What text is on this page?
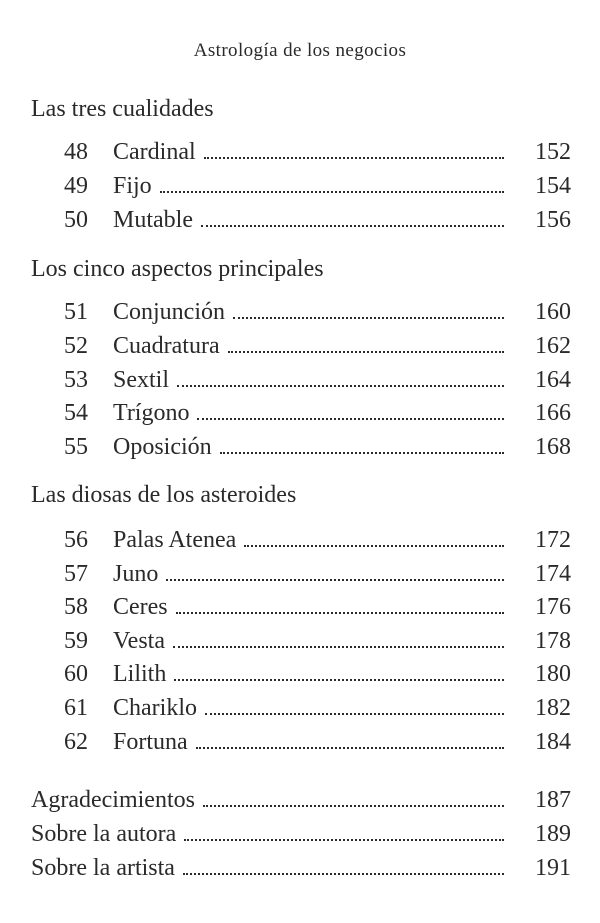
Astrología de los negocios
Las tres cualidades
48 Cardinal	152
49 Fijo	154
50 Mutable	156
Los cinco aspectos principales
51 Conjunción	160
52 Cuadratura	162
53 Sextil	164
54 Trígono	166
55 Oposición	168
Las diosas de los asteroides
56 Palas Atenea	172
57 Juno	174
58 Ceres	176
59 Vesta	178
60 Lilith	180
61 Chariklo	182
62 Fortuna	184
Agradecimientos	187
Sobre la autora	189
Sobre la artista	191
